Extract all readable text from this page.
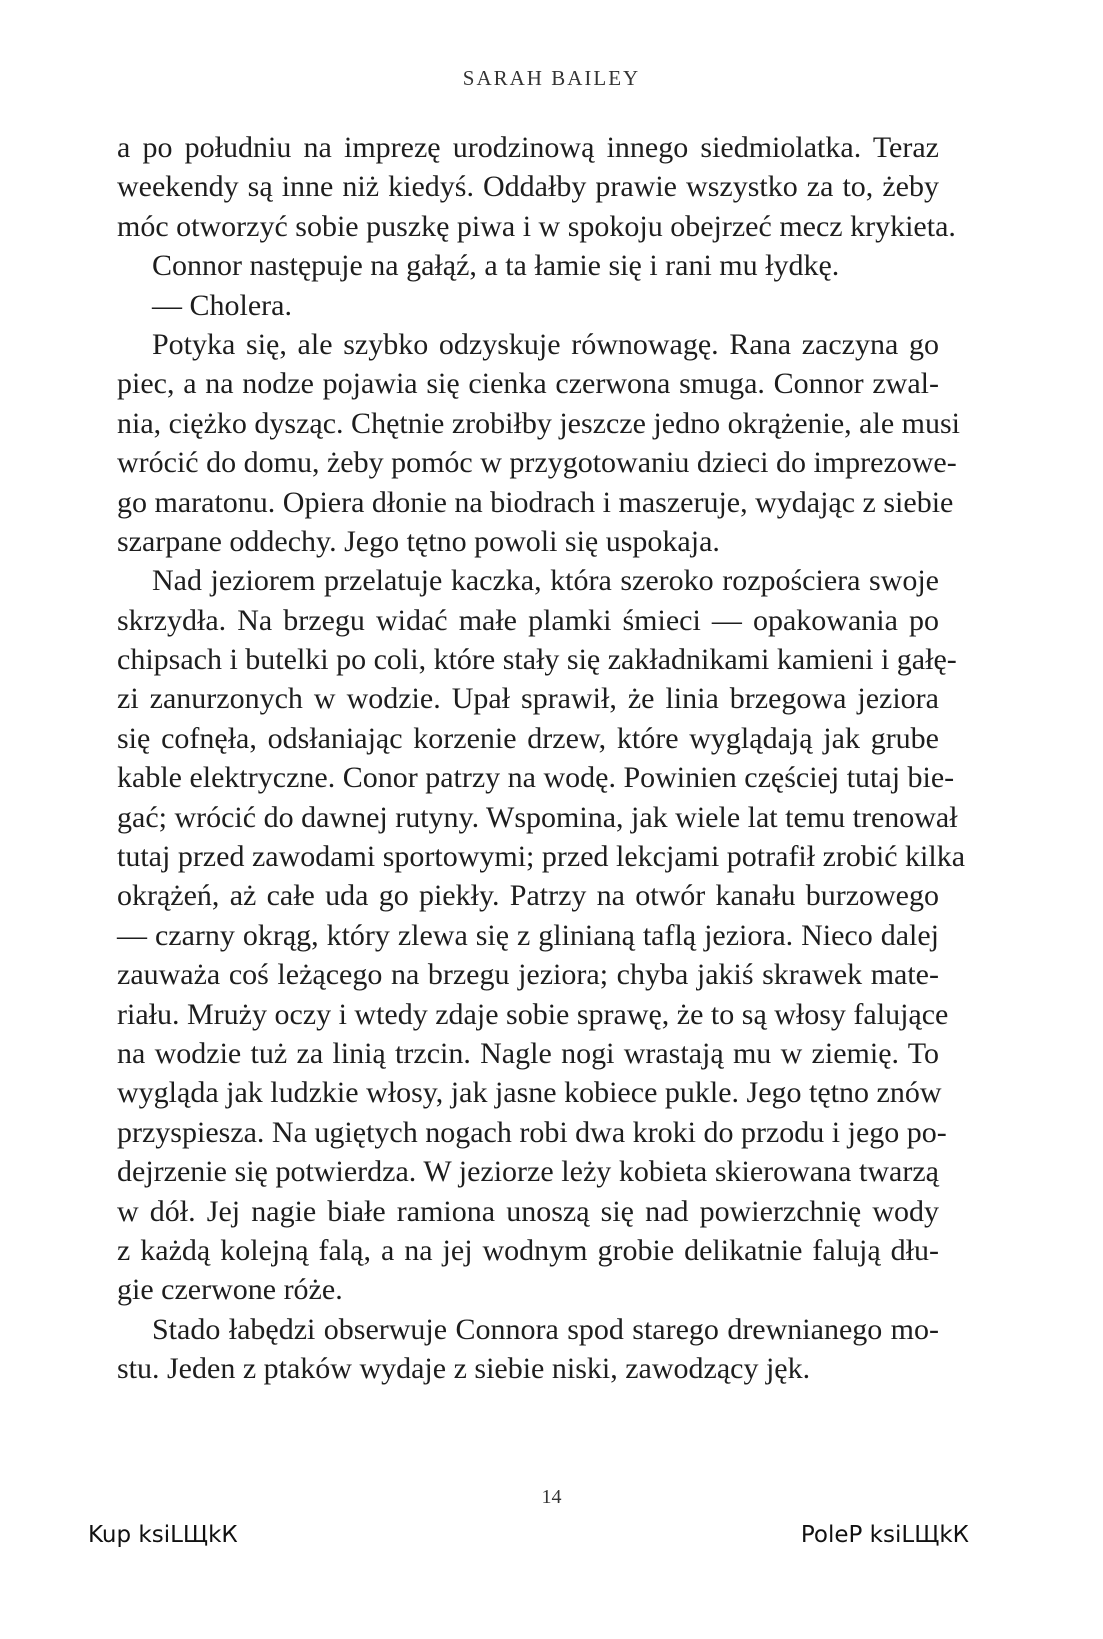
SARAH BAILEY
a po południu na imprezę urodzinową innego siedmiolatka. Teraz
weekendy są inne niż kiedyś. Oddałby prawie wszystko za to, żeby
móc otworzyć sobie puszkę piwa i w spokoju obejrzeć mecz krykieta.
Connor następuje na gałąź, a ta łamie się i rani mu łydkę.
— Cholera.
Potyka się, ale szybko odzyskuje równowagę. Rana zaczyna go
piec, a na nodze pojawia się cienka czerwona smuga. Connor zwal-
nia, ciężko dysząc. Chętnie zrobiłby jeszcze jedno okrążenie, ale musi
wrócić do domu, żeby pomóc w przygotowaniu dzieci do imprezowe-
go maratonu. Opiera dłonie na biodrach i maszeruje, wydając z siebie
szarpane oddechy. Jego tętno powoli się uspokaja.
Nad jeziorem przelatuje kaczka, która szeroko rozpościera swoje
skrzydła. Na brzegu widać małe plamki śmieci — opakowania po
chipsach i butelki po coli, które stały się zakładnikami kamieni i gałę-
zi zanurzonych w wodzie. Upał sprawił, że linia brzegowa jeziora
się cofnęła, odsłaniając korzenie drzew, które wyglądają jak grube
kable elektryczne. Conor patrzy na wodę. Powinien częściej tutaj bie-
gać; wrócić do dawnej rutyny. Wspomina, jak wiele lat temu trenował
tutaj przed zawodami sportowymi; przed lekcjami potrafił zrobić kilka
okrążeń, aż całe uda go piekły. Patrzy na otwór kanału burzowego
— czarny okrąg, który zlewa się z glinianą taflą jeziora. Nieco dalej
zauważa coś leżącego na brzegu jeziora; chyba jakiś skrawek mate-
riału. Mruży oczy i wtedy zdaje sobie sprawę, że to są włosy falujące
na wodzie tuż za linią trzcin. Nagle nogi wrastają mu w ziemię. To
wygląda jak ludzkie włosy, jak jasne kobiece pukle. Jego tętno znów
przyspiesza. Na ugiętych nogach robi dwa kroki do przodu i jego po-
dejrzenie się potwierdza. W jeziorze leży kobieta skierowana twarzą
w dół. Jej nagie białe ramiona unoszą się nad powierzchnię wody
z każdą kolejną falą, a na jej wodnym grobie delikatnie falują dłu-
gie czerwone róże.
Stado łabędzi obserwuje Connora spod starego drewnianego mo-
stu. Jeden z ptaków wydaje z siebie niski, zawodzący jęk.
14
Kup ksiLЩkК	PoleР ksiLЩkК
